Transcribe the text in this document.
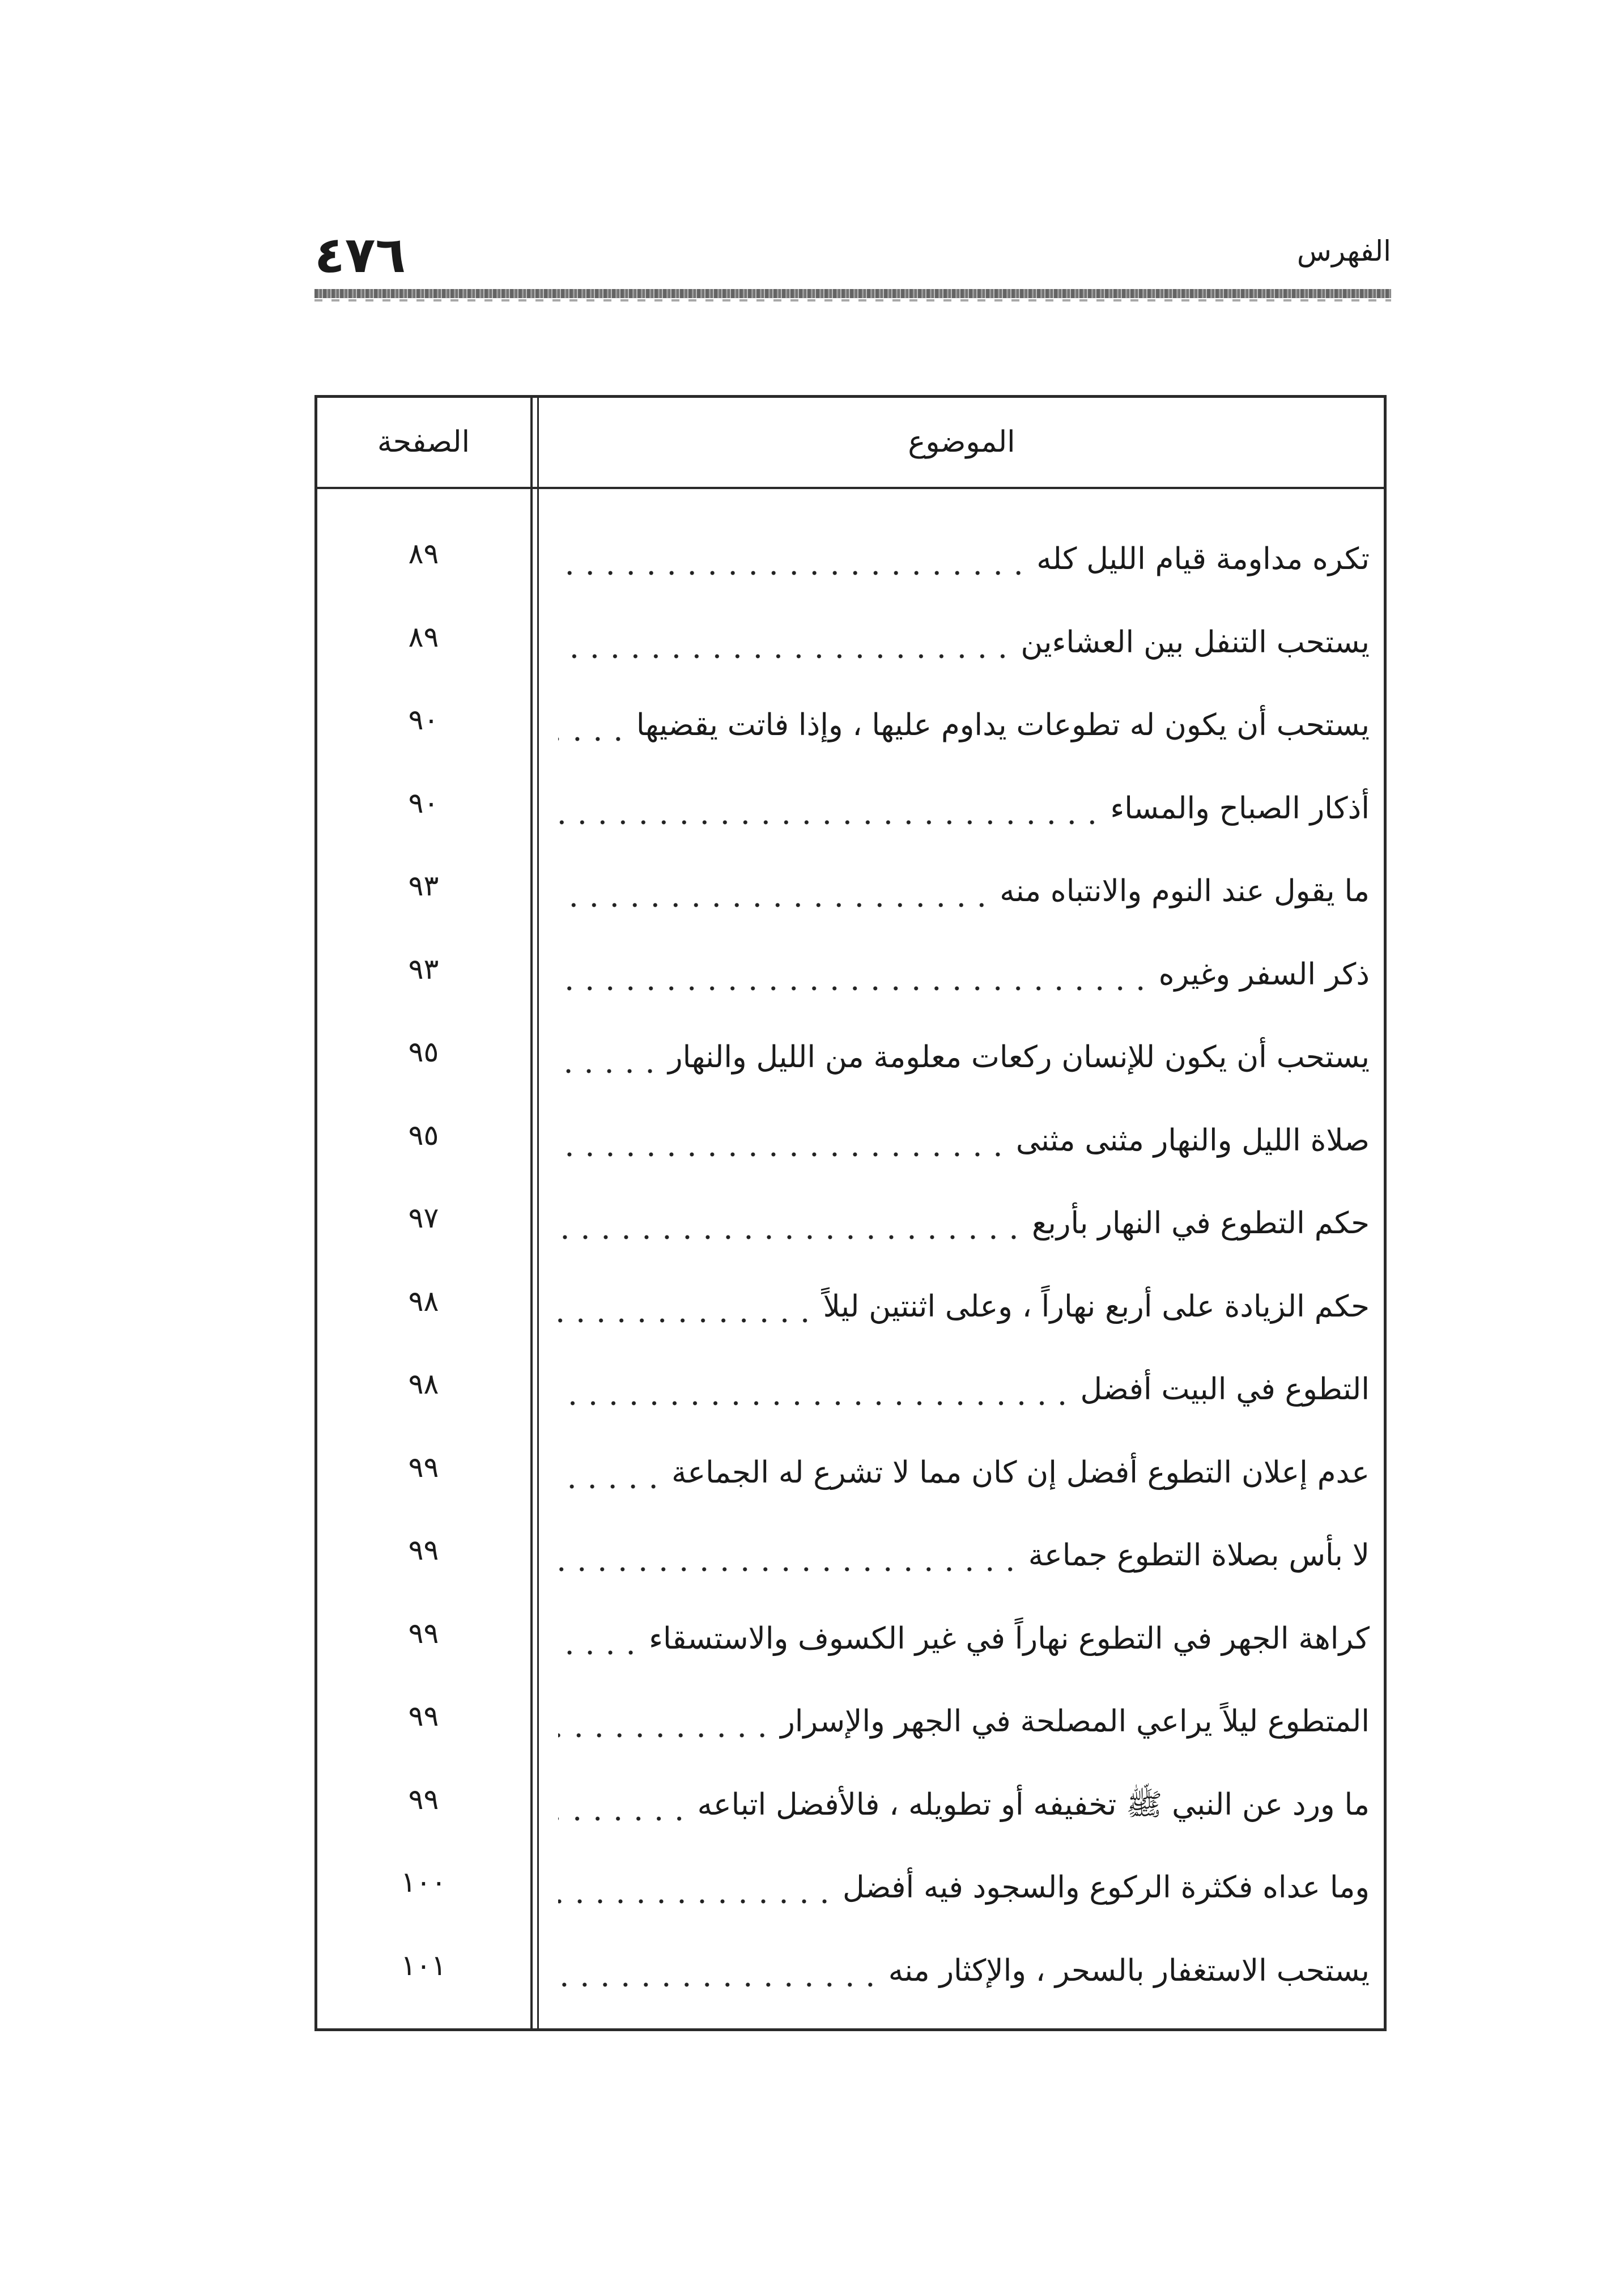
٤٧٦	الفهرس
الموضوع
الصفحة
تكره مداومة قيام الليل كله
٨٩
يستحب التنفل بين العشاءين
٨٩
يستحب أن يكون له تطوعات يداوم عليها ، وإذا فاتت يقضيها
٩٠
أذكار الصباح والمساء
٩٠
ما يقول عند النوم والانتباه منه
٩٣
ذكر السفر وغيره
٩٣
يستحب أن يكون للإنسان ركعات معلومة من الليل والنهار
٩٥
صلاة الليل والنهار مثنى مثنى
٩٥
حكم التطوع في النهار بأربع
٩٧
حكم الزيادة على أربع نهاراً ، وعلى اثنتين ليلاً
٩٨
التطوع في البيت أفضل
٩٨
عدم إعلان التطوع أفضل إن كان مما لا تشرع له الجماعة
٩٩
لا بأس بصلاة التطوع جماعة
٩٩
كراهة الجهر في التطوع نهاراً في غير الكسوف والاستسقاء
٩٩
المتطوع ليلاً يراعي المصلحة في الجهر والإسرار
٩٩
ما ورد عن النبي ﷺ تخفيفه أو تطويله ، فالأفضل اتباعه
٩٩
وما عداه فكثرة الركوع والسجود فيه أفضل
١٠٠
يستحب الاستغفار بالسحر ، والإكثار منه
١٠١
